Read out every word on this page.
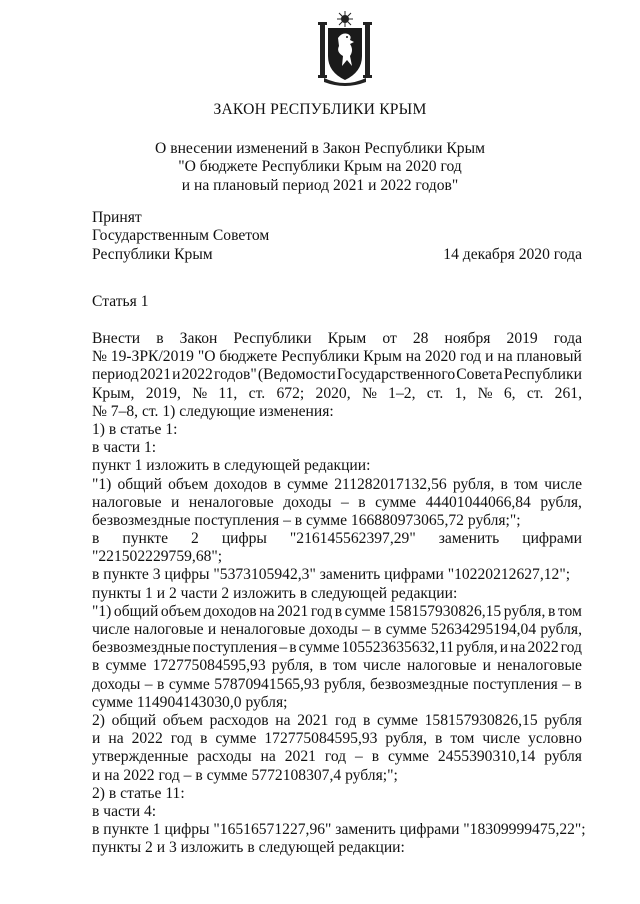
ЗАКОН РЕСПУБЛИКИ КРЫМ
О внесении изменений в Закон Республики Крым
"О бюджете Республики Крым на 2020 год
и на плановый период 2021 и 2022 годов"
Принят
Государственным Советом
Республики Крым	14 декабря 2020 года
Статья 1
Внести в Закон Республики Крым от 28 ноября 2019 года
№ 19-ЗРК/2019 "О бюджете Республики Крым на 2020 год и на плановый
период 2021 и 2022 годов" (Ведомости Государственного Совета Республики
Крым, 2019, № 11, ст. 672; 2020, № 1–2, ст. 1, № 6, ст. 261,
№ 7–8, ст. 1) следующие изменения:
1) в статье 1:
в части 1:
пункт 1 изложить в следующей редакции:
"1) общий объем доходов в сумме 211282017132,56 рубля, в том числе
налоговые и неналоговые доходы – в сумме 44401044066,84 рубля,
безвозмездные поступления – в сумме 166880973065,72 рубля;";
в пункте 2 цифры "216145562397,29" заменить цифрами
"221502229759,68";
в пункте 3 цифры "5373105942,3" заменить цифрами "10220212627,12";
пункты 1 и 2 части 2 изложить в следующей редакции:
"1) общий объем доходов на 2021 год в сумме 158157930826,15 рубля, в том
числе налоговые и неналоговые доходы – в сумме 52634295194,04 рубля,
безвозмездные поступления – в сумме 105523635632,11 рубля, и на 2022 год
в сумме 172775084595,93 рубля, в том числе налоговые и неналоговые
доходы – в сумме 57870941565,93 рубля, безвозмездные поступления – в
сумме 114904143030,0 рубля;
2) общий объем расходов на 2021 год в сумме 158157930826,15 рубля
и на 2022 год в сумме 172775084595,93 рубля, в том числе условно
утвержденные расходы на 2021 год – в сумме 2455390310,14 рубля
и на 2022 год – в сумме 5772108307,4 рубля;";
2) в статье 11:
в части 4:
в пункте 1 цифры "16516571227,96" заменить цифрами "18309999475,22";
пункты 2 и 3 изложить в следующей редакции:
